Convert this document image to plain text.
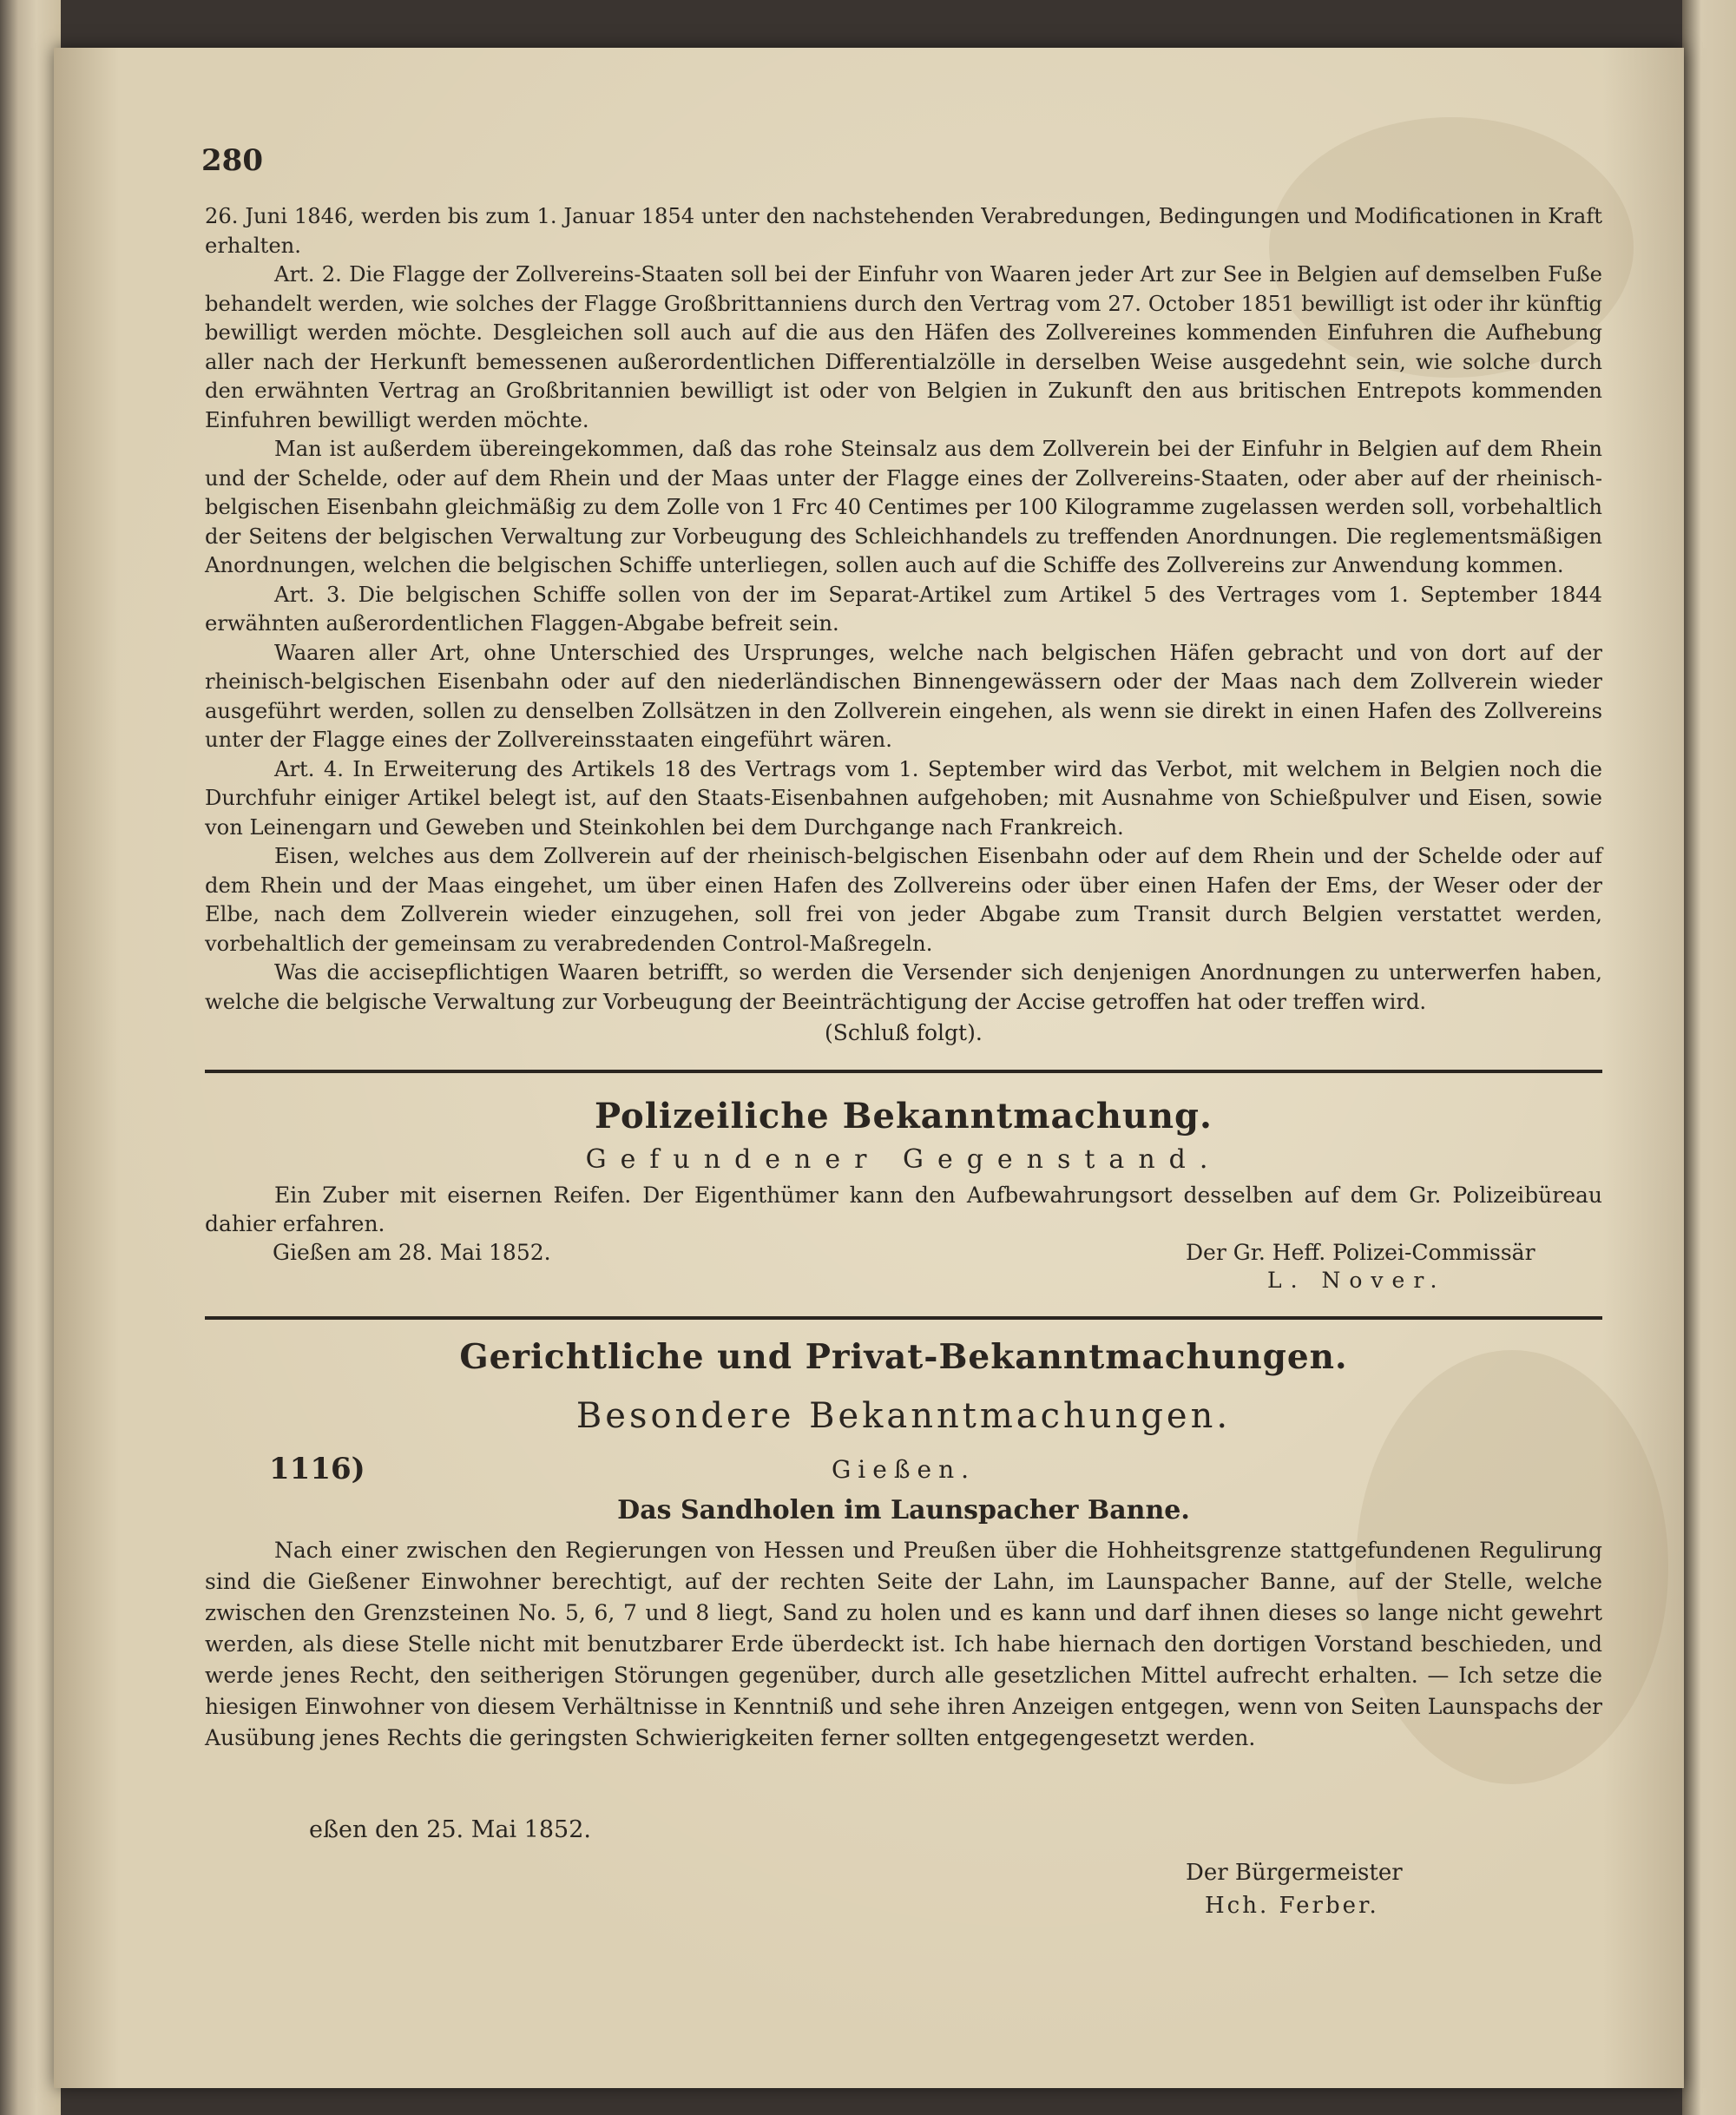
280

26. Juni 1846, werden bis zum 1. Januar 1854 unter den nachstehenden Verabredungen, Bedingungen und Modificationen in Kraft erhalten.

Art. 2. Die Flagge der Zollvereins-Staaten soll bei der Einfuhr von Waaren jeder Art zur See in Belgien auf demselben Fuße behandelt werden, wie solches der Flagge Großbrittanniens durch den Vertrag vom 27. October 1851 bewilligt ist oder ihr künftig bewilligt werden möchte. Desgleichen soll auch auf die aus den Häfen des Zollvereines kommenden Einfuhren die Aufhebung aller nach der Herkunft bemessenen außerordentlichen Differentialzölle in derselben Weise ausgedehnt sein, wie solche durch den erwähnten Vertrag an Großbritannien bewilligt ist oder von Belgien in Zukunft den aus britischen Entrepots kommenden Einfuhren bewilligt werden möchte.

Man ist außerdem übereingekommen, daß das rohe Steinsalz aus dem Zollverein bei der Einfuhr in Belgien auf dem Rhein und der Schelde, oder auf dem Rhein und der Maas unter der Flagge eines der Zollvereins-Staaten, oder aber auf der rheinisch-belgischen Eisenbahn gleichmäßig zu dem Zolle von 1 Frc 40 Centimes per 100 Kilogramme zugelassen werden soll, vorbehaltlich der Seitens der belgischen Verwaltung zur Vorbeugung des Schleichhandels zu treffenden Anordnungen. Die reglementsmäßigen Anordnungen, welchen die belgischen Schiffe unterliegen, sollen auch auf die Schiffe des Zollvereins zur Anwendung kommen.

Art. 3. Die belgischen Schiffe sollen von der im Separat-Artikel zum Artikel 5 des Vertrages vom 1. September 1844 erwähnten außerordentlichen Flaggen-Abgabe befreit sein.

Waaren aller Art, ohne Unterschied des Ursprunges, welche nach belgischen Häfen gebracht und von dort auf der rheinisch-belgischen Eisenbahn oder auf den niederländischen Binnengewässern oder der Maas nach dem Zollverein wieder ausgeführt werden, sollen zu denselben Zollsätzen in den Zollverein eingehen, als wenn sie direkt in einen Hafen des Zollvereins unter der Flagge eines der Zollvereinsstaaten eingeführt wären.

Art. 4. In Erweiterung des Artikels 18 des Vertrags vom 1. September wird das Verbot, mit welchem in Belgien noch die Durchfuhr einiger Artikel belegt ist, auf den Staats-Eisenbahnen aufgehoben; mit Ausnahme von Schießpulver und Eisen, sowie von Leinengarn und Geweben und Steinkohlen bei dem Durchgange nach Frankreich.

Eisen, welches aus dem Zollverein auf der rheinisch-belgischen Eisenbahn oder auf dem Rhein und der Schelde oder auf dem Rhein und der Maas eingehet, um über einen Hafen des Zollvereins oder über einen Hafen der Ems, der Weser oder der Elbe, nach dem Zollverein wieder einzugehen, soll frei von jeder Abgabe zum Transit durch Belgien verstattet werden, vorbehaltlich der gemeinsam zu verabredenden Control-Maßregeln.

Was die accisepflichtigen Waaren betrifft, so werden die Versender sich denjenigen Anordnungen zu unterwerfen haben, welche die belgische Verwaltung zur Vorbeugung der Beeinträchtigung der Accise getroffen hat oder treffen wird.

(Schluß folgt).
Polizeiliche Bekanntmachung.
Gefundener Gegenstand.
Ein Zuber mit eisernen Reifen. Der Eigenthümer kann den Aufbewahrungsort desselben auf dem Gr. Polizeibüreau dahier erfahren.
Gießen am 28. Mai 1852.	Der Gr. Heff. Polizei-Commissär
L. Nover.
Gerichtliche und Privat-Bekanntmachungen.
Besondere Bekanntmachungen.
1116)	Gießen.
Das Sandholen im Launspacher Banne.
Nach einer zwischen den Regierungen von Hessen und Preußen über die Hohheitsgrenze stattgefundenen Regulirung sind die Gießener Einwohner berechtigt, auf der rechten Seite der Lahn, im Launspacher Banne, auf der Stelle, welche zwischen den Grenzsteinen No. 5, 6, 7 und 8 liegt, Sand zu holen und es kann und darf ihnen dieses so lange nicht gewehrt werden, als diese Stelle nicht mit benutzbarer Erde überdeckt ist. Ich habe hiernach den dortigen Vorstand beschieden, und werde jenes Recht, den seitherigen Störungen gegenüber, durch alle gesetzlichen Mittel aufrecht erhalten. — Ich setze die hiesigen Einwohner von diesem Verhältnisse in Kenntniß und sehe ihren Anzeigen entgegen, wenn von Seiten Launspachs der Ausübung jenes Rechts die geringsten Schwierigkeiten ferner sollten entgegengesetzt werden.
eßen den 25. Mai 1852.
Der Bürgermeister
Hch. Ferber.
